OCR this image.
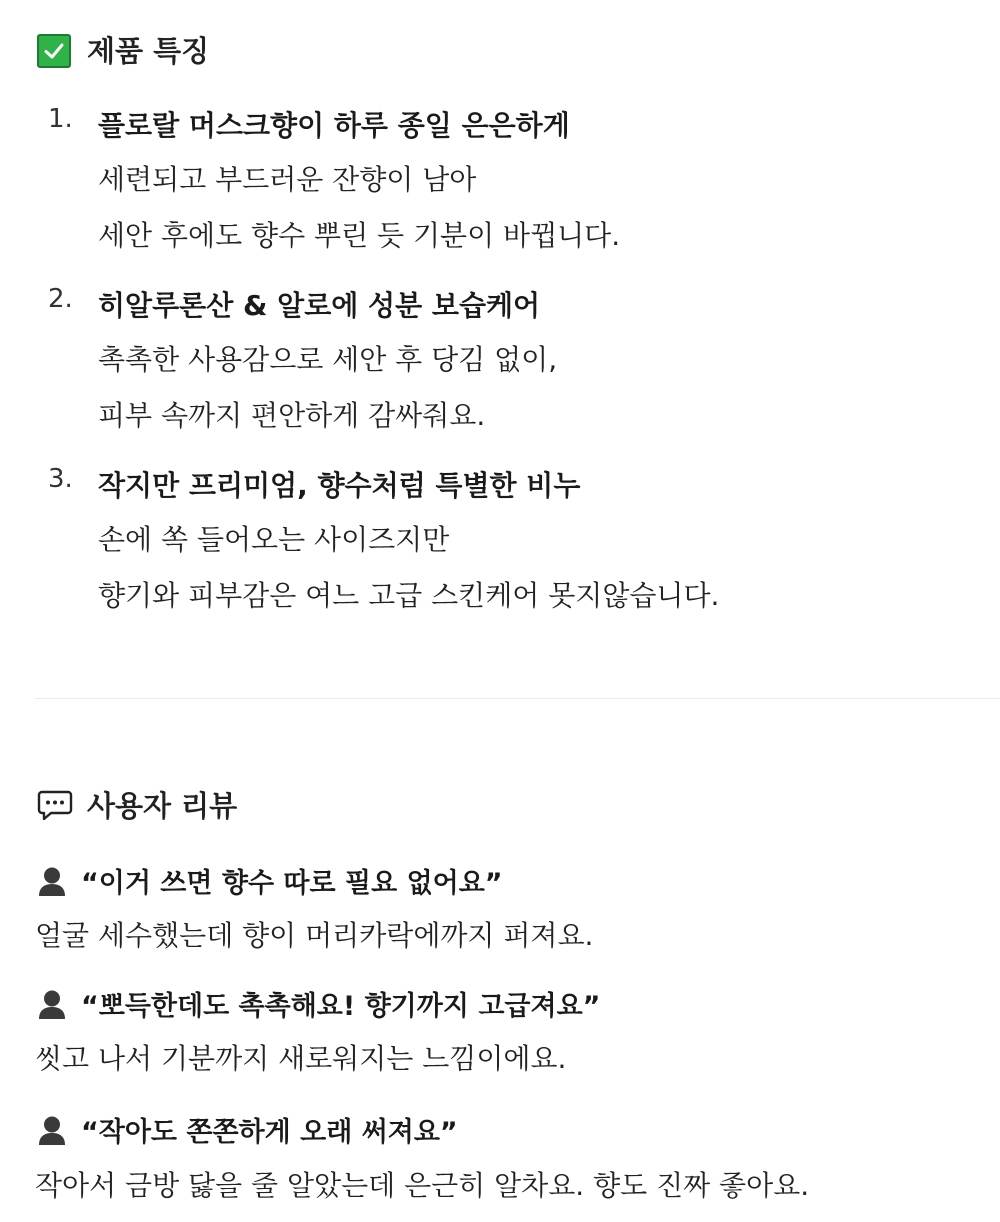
제품 특징
1. 플로랄 머스크향이 하루 종일 은은하게
세련되고 부드러운 잔향이 남아
세안 후에도 향수 뿌린 듯 기분이 바뀝니다.
2. 히알루론산 & 알로에 성분 보습케어
촉촉한 사용감으로 세안 후 당김 없이,
피부 속까지 편안하게 감싸줘요.
3. 작지만 프리미엄, 향수처럼 특별한 비누
손에 쏙 들어오는 사이즈지만
향기와 피부감은 여느 고급 스킨케어 못지않습니다.
사용자 리뷰
“이거 쓰면 향수 따로 필요 없어요”
얼굴 세수했는데 향이 머리카락에까지 퍼져요.
“뽀득한데도 촉촉해요! 향기까지 고급져요”
씻고 나서 기분까지 새로워지는 느낌이에요.
“작아도 쫀쫀하게 오래 써져요”
작아서 금방 닳을 줄 알았는데 은근히 알차요. 향도 진짜 좋아요.
